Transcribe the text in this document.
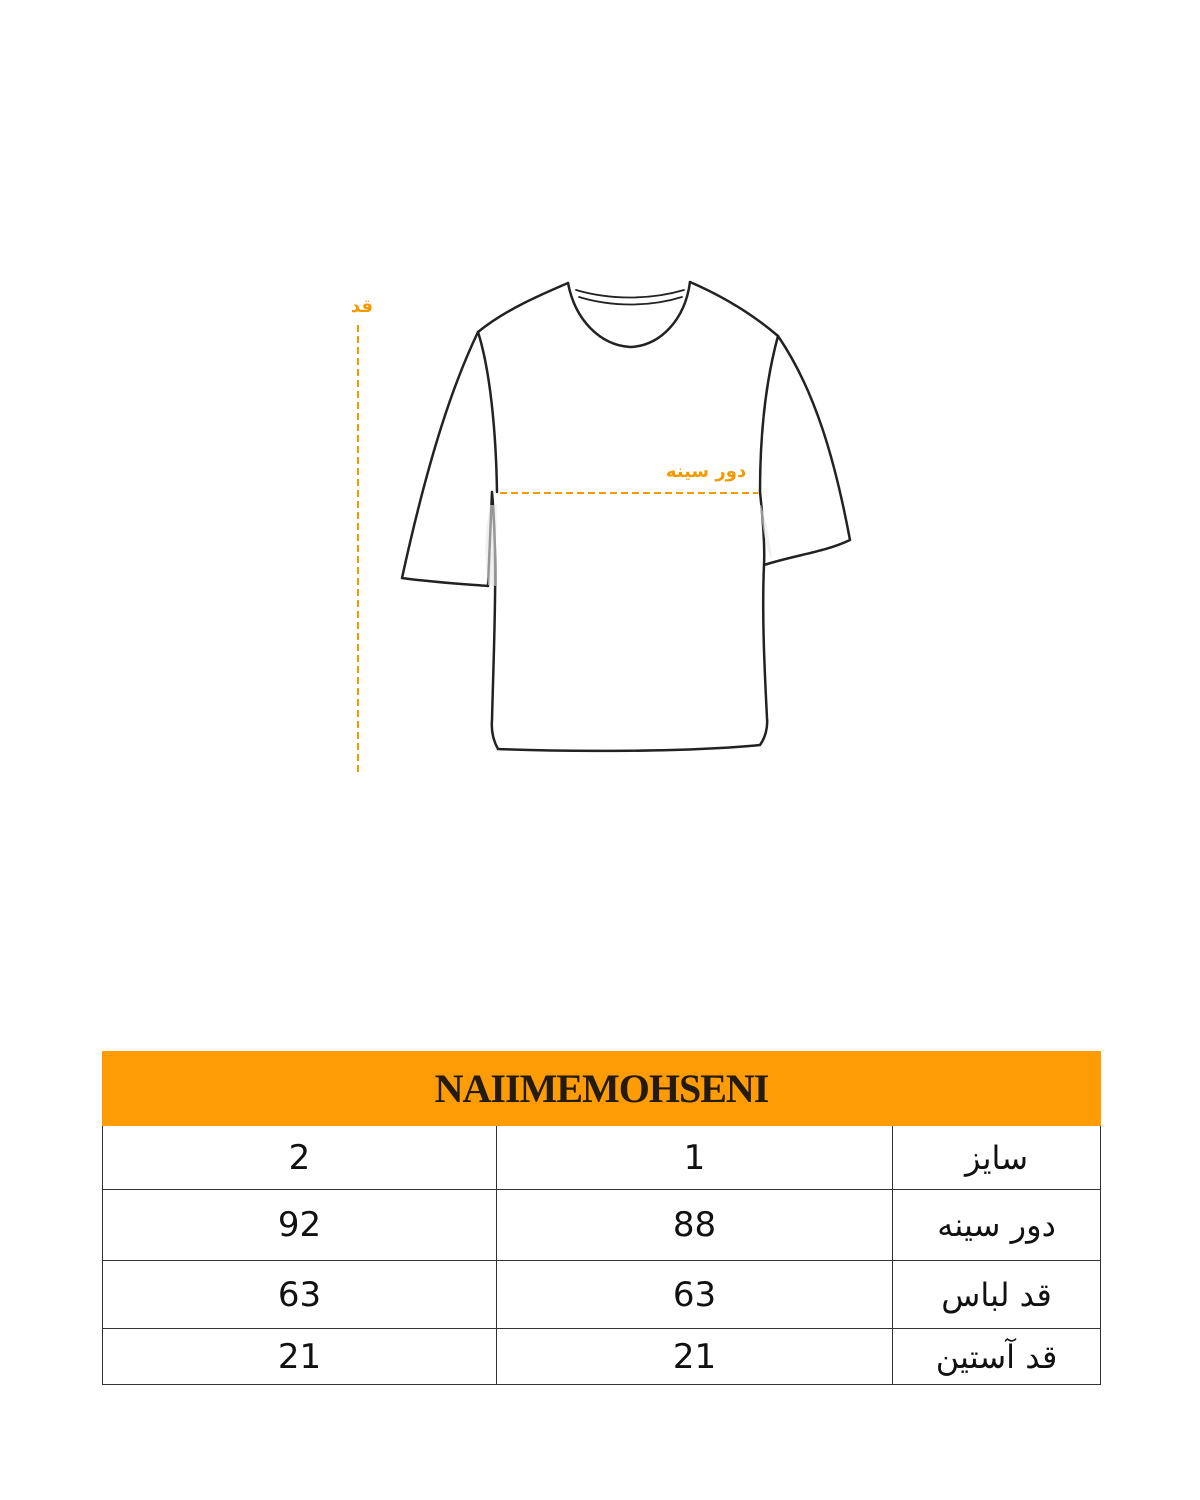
قد
دور سینه
NAIIMEMOHSENI		
2	1	سایز
92	88	دور سینه
63	63	قد لباس
21	21	قد آستین
